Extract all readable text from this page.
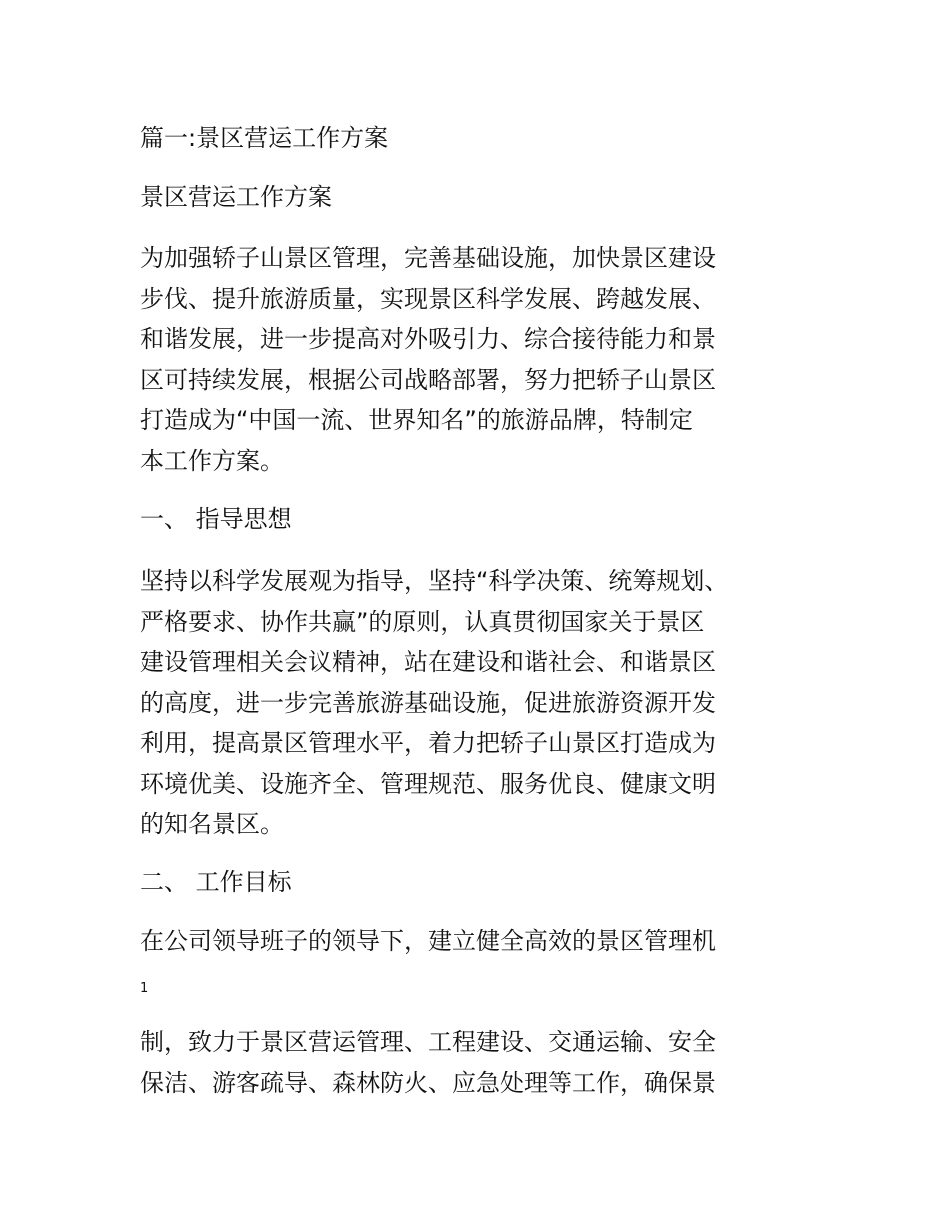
篇一:景区营运工作方案
景区营运工作方案
为加强轿子山景区管理，完善基础设施，加快景区建设
步伐、提升旅游质量，实现景区科学发展、跨越发展、
和谐发展，进一步提高对外吸引力、综合接待能力和景
区可持续发展，根据公司战略部署，努力把轿子山景区
打造成为“中国一流、世界知名”的旅游品牌，特制定
本工作方案。
一、 指导思想
坚持以科学发展观为指导，坚持“科学决策、统筹规划、
严格要求、协作共赢”的原则，认真贯彻国家关于景区
建设管理相关会议精神，站在建设和谐社会、和谐景区
的高度，进一步完善旅游基础设施，促进旅游资源开发
利用，提高景区管理水平，着力把轿子山景区打造成为
环境优美、设施齐全、管理规范、服务优良、健康文明
的知名景区。
二、 工作目标
在公司领导班子的领导下，建立健全高效的景区管理机
1
制，致力于景区营运管理、工程建设、交通运输、安全
保洁、游客疏导、森林防火、应急处理等工作，确保景
